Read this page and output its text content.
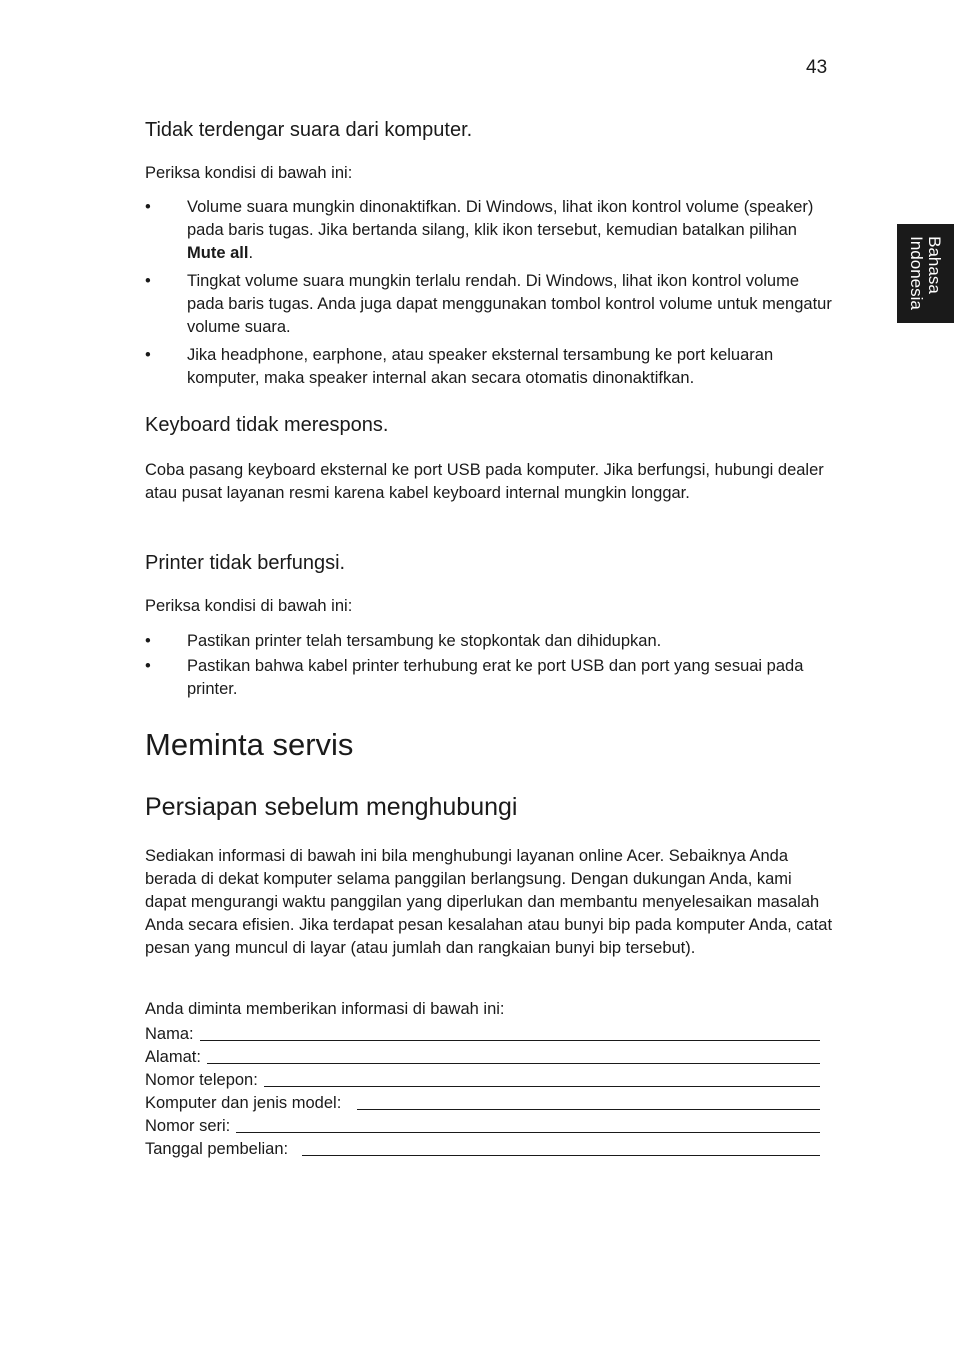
43
Bahasa
Indonesia
Tidak terdengar suara dari komputer.
Periksa kondisi di bawah ini:
• Volume suara mungkin dinonaktifkan. Di Windows, lihat ikon kontrol volume (speaker) pada baris tugas. Jika bertanda silang, klik ikon tersebut, kemudian batalkan pilihan Mute all.
• Tingkat volume suara mungkin terlalu rendah. Di Windows, lihat ikon kontrol volume pada baris tugas. Anda juga dapat menggunakan tombol kontrol volume untuk mengatur volume suara.
• Jika headphone, earphone, atau speaker eksternal tersambung ke port keluaran komputer, maka speaker internal akan secara otomatis dinonaktifkan.
Keyboard tidak merespons.
Coba pasang keyboard eksternal ke port USB pada komputer. Jika berfungsi, hubungi dealer atau pusat layanan resmi karena kabel keyboard internal mungkin longgar.
Printer tidak berfungsi.
Periksa kondisi di bawah ini:
• Pastikan printer telah tersambung ke stopkontak dan dihidupkan.
• Pastikan bahwa kabel printer terhubung erat ke port USB dan port yang sesuai pada printer.
Meminta servis
Persiapan sebelum menghubungi
Sediakan informasi di bawah ini bila menghubungi layanan online Acer. Sebaiknya Anda berada di dekat komputer selama panggilan berlangsung. Dengan dukungan Anda, kami dapat mengurangi waktu panggilan yang diperlukan dan membantu menyelesaikan masalah Anda secara efisien. Jika terdapat pesan kesalahan atau bunyi bip pada komputer Anda, catat pesan yang muncul di layar (atau jumlah dan rangkaian bunyi bip tersebut).
Anda diminta memberikan informasi di bawah ini:
Nama:
Alamat:
Nomor telepon:
Komputer dan jenis model:
Nomor seri:
Tanggal pembelian:
